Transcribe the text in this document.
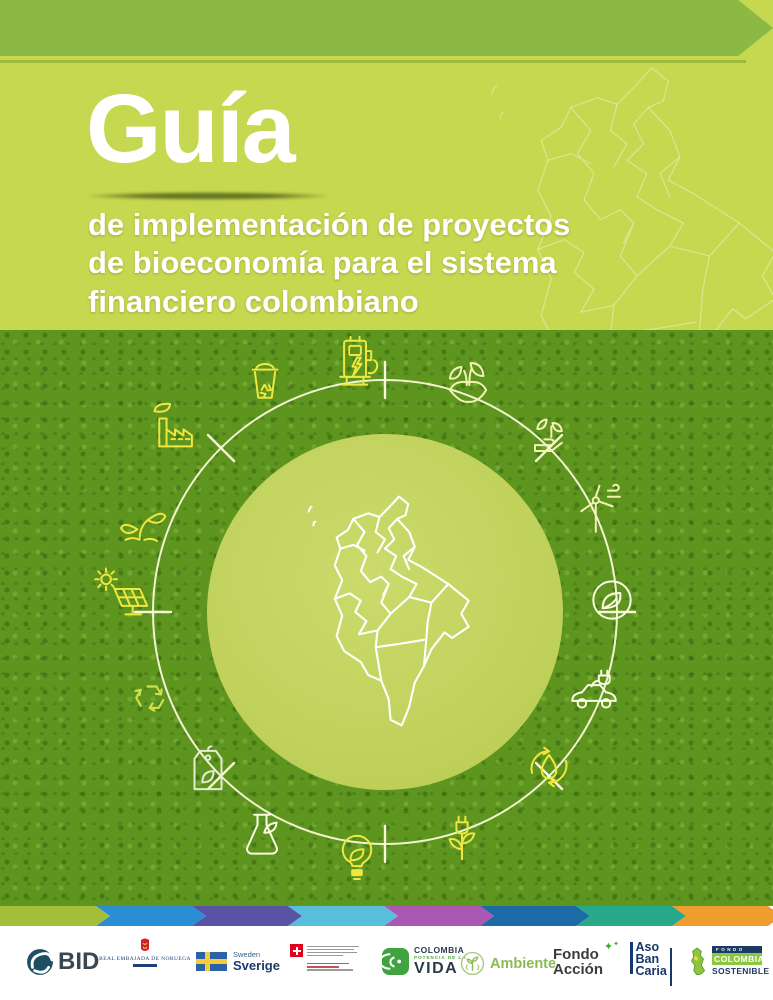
Guía

de implementación de proyectos
de bioeconomía para el sistema
financiero colombiano

BID REAL EMBAJADA DE NORUEGA	Sweden
Sverige
COLOMBIA
POTENCIA DE LA
VIDA	Ambiente
✦✦
Fondo
Acción
Aso
Ban
Caria
FONDO
COLOMBIA
SOSTENIBLE
